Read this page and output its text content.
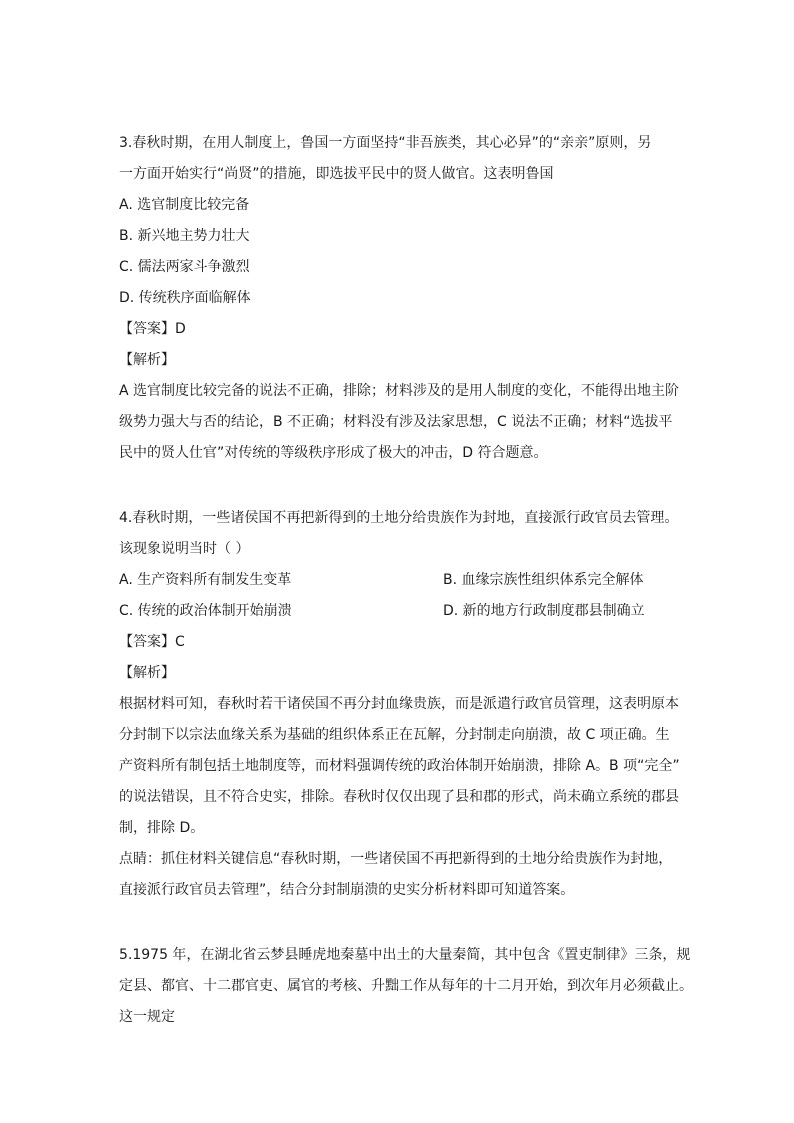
3.春秋时期，在用人制度上，鲁国一方面坚持“非吾族类，其心必异”的“亲亲”原则，另
一方面开始实行“尚贤”的措施，即选拔平民中的贤人做官。这表明鲁国
A. 选官制度比较完备
B. 新兴地主势力壮大
C. 儒法两家斗争激烈
D. 传统秩序面临解体
【答案】D
【解析】
A 选官制度比较完备的说法不正确，排除；材料涉及的是用人制度的变化，不能得出地主阶
级势力强大与否的结论，B 不正确；材料没有涉及法家思想，C 说法不正确；材料“选拔平
民中的贤人仕官”对传统的等级秩序形成了极大的冲击，D 符合题意。
4.春秋时期，一些诸侯国不再把新得到的土地分给贵族作为封地，直接派行政官员去管理。
该现象说明当时（ ）
A. 生产资料所有制发生变革	B. 血缘宗族性组织体系完全解体
C. 传统的政治体制开始崩溃	D. 新的地方行政制度郡县制确立
【答案】C
【解析】
根据材料可知，春秋时若干诸侯国不再分封血缘贵族，而是派遣行政官员管理，这表明原本
分封制下以宗法血缘关系为基础的组织体系正在瓦解，分封制走向崩溃，故 C 项正确。生
产资料所有制包括土地制度等，而材料强调传统的政治体制开始崩溃，排除 A。B 项“完全”
的说法错误，且不符合史实，排除。春秋时仅仅出现了县和郡的形式，尚未确立系统的郡县
制，排除 D。
点睛：抓住材料关键信息“春秋时期，一些诸侯国不再把新得到的土地分给贵族作为封地，
直接派行政官员去管理”，结合分封制崩溃的史实分析材料即可知道答案。
5.1975 年，在湖北省云梦县睡虎地秦墓中出土的大量秦简，其中包含《置吏制律》三条，规
定县、都官、十二郡官吏、属官的考核、升黜工作从每年的十二月开始，到次年月必须截止。
这一规定
